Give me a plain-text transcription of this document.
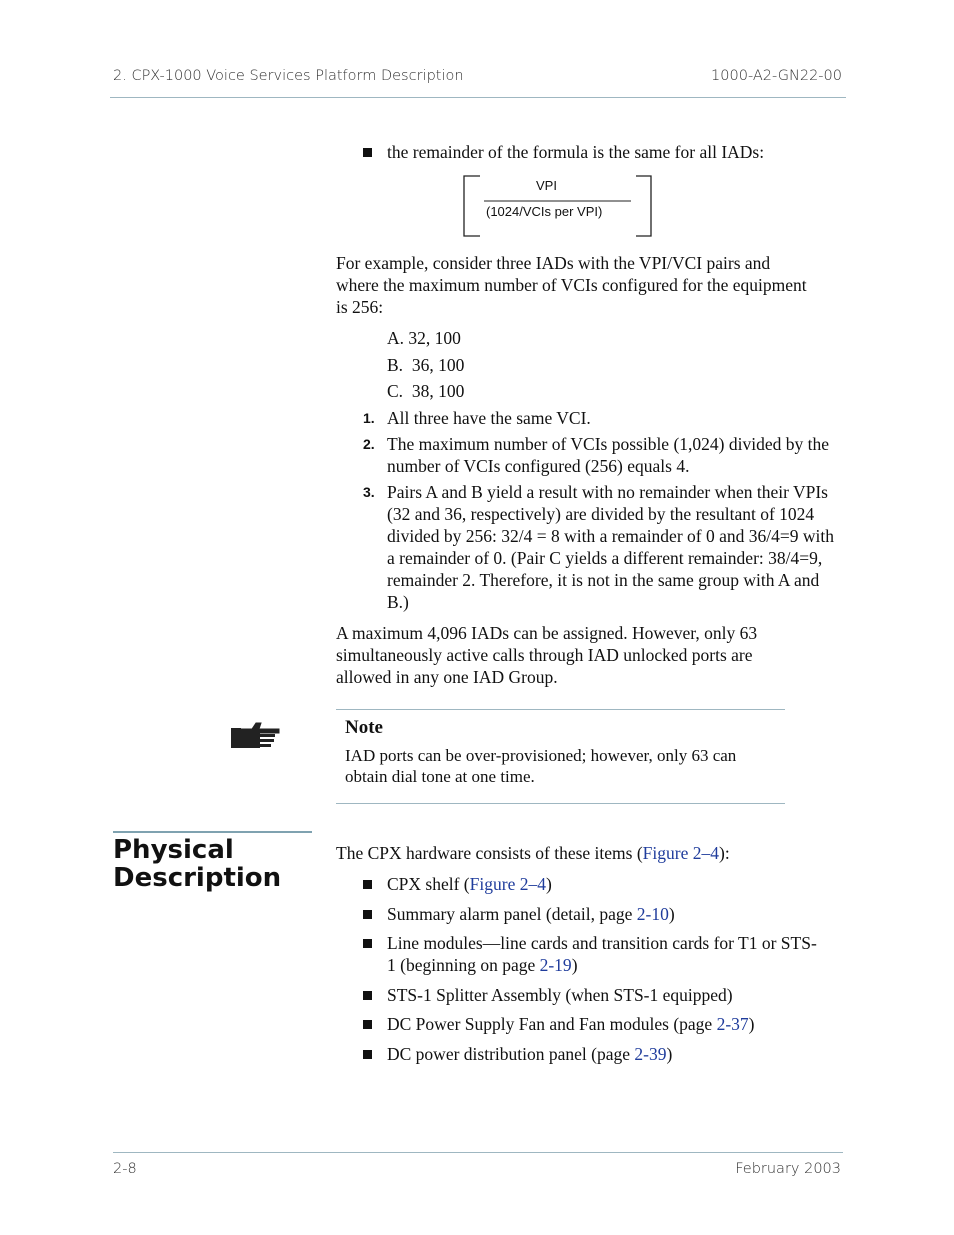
2. CPX-1000 Voice Services Platform Description	1000-A2-GN22-00
the remainder of the formula is the same for all IADs:
VPI
(1024/VCIs per VPI)
For example, consider three IADs with the VPI/VCI pairs and where the maximum number of VCIs configured for the equipment is 256:
A. 32, 100
B. 36, 100
C. 38, 100
1. All three have the same VCI.
2. The maximum number of VCIs possible (1,024) divided by the number of VCIs configured (256) equals 4.
3. Pairs A and B yield a result with no remainder when their VPIs (32 and 36, respectively) are divided by the resultant of 1024 divided by 256: 32/4 = 8 with a remainder of 0 and 36/4=9 with a remainder of 0. (Pair C yields a different remainder: 38/4=9, remainder 2. Therefore, it is not in the same group with A and B.)
A maximum 4,096 IADs can be assigned. However, only 63 simultaneously active calls through IAD unlocked ports are allowed in any one IAD Group.
Note
IAD ports can be over-provisioned; however, only 63 can obtain dial tone at one time.
Physical
Description
The CPX hardware consists of these items (Figure 2–4):
CPX shelf (Figure 2–4)
Summary alarm panel (detail, page 2-10)
Line modules—line cards and transition cards for T1 or STS-1 (beginning on page 2-19)
STS-1 Splitter Assembly (when STS-1 equipped)
DC Power Supply Fan and Fan modules (page 2-37)
DC power distribution panel (page 2-39)
2-8	February 2003
